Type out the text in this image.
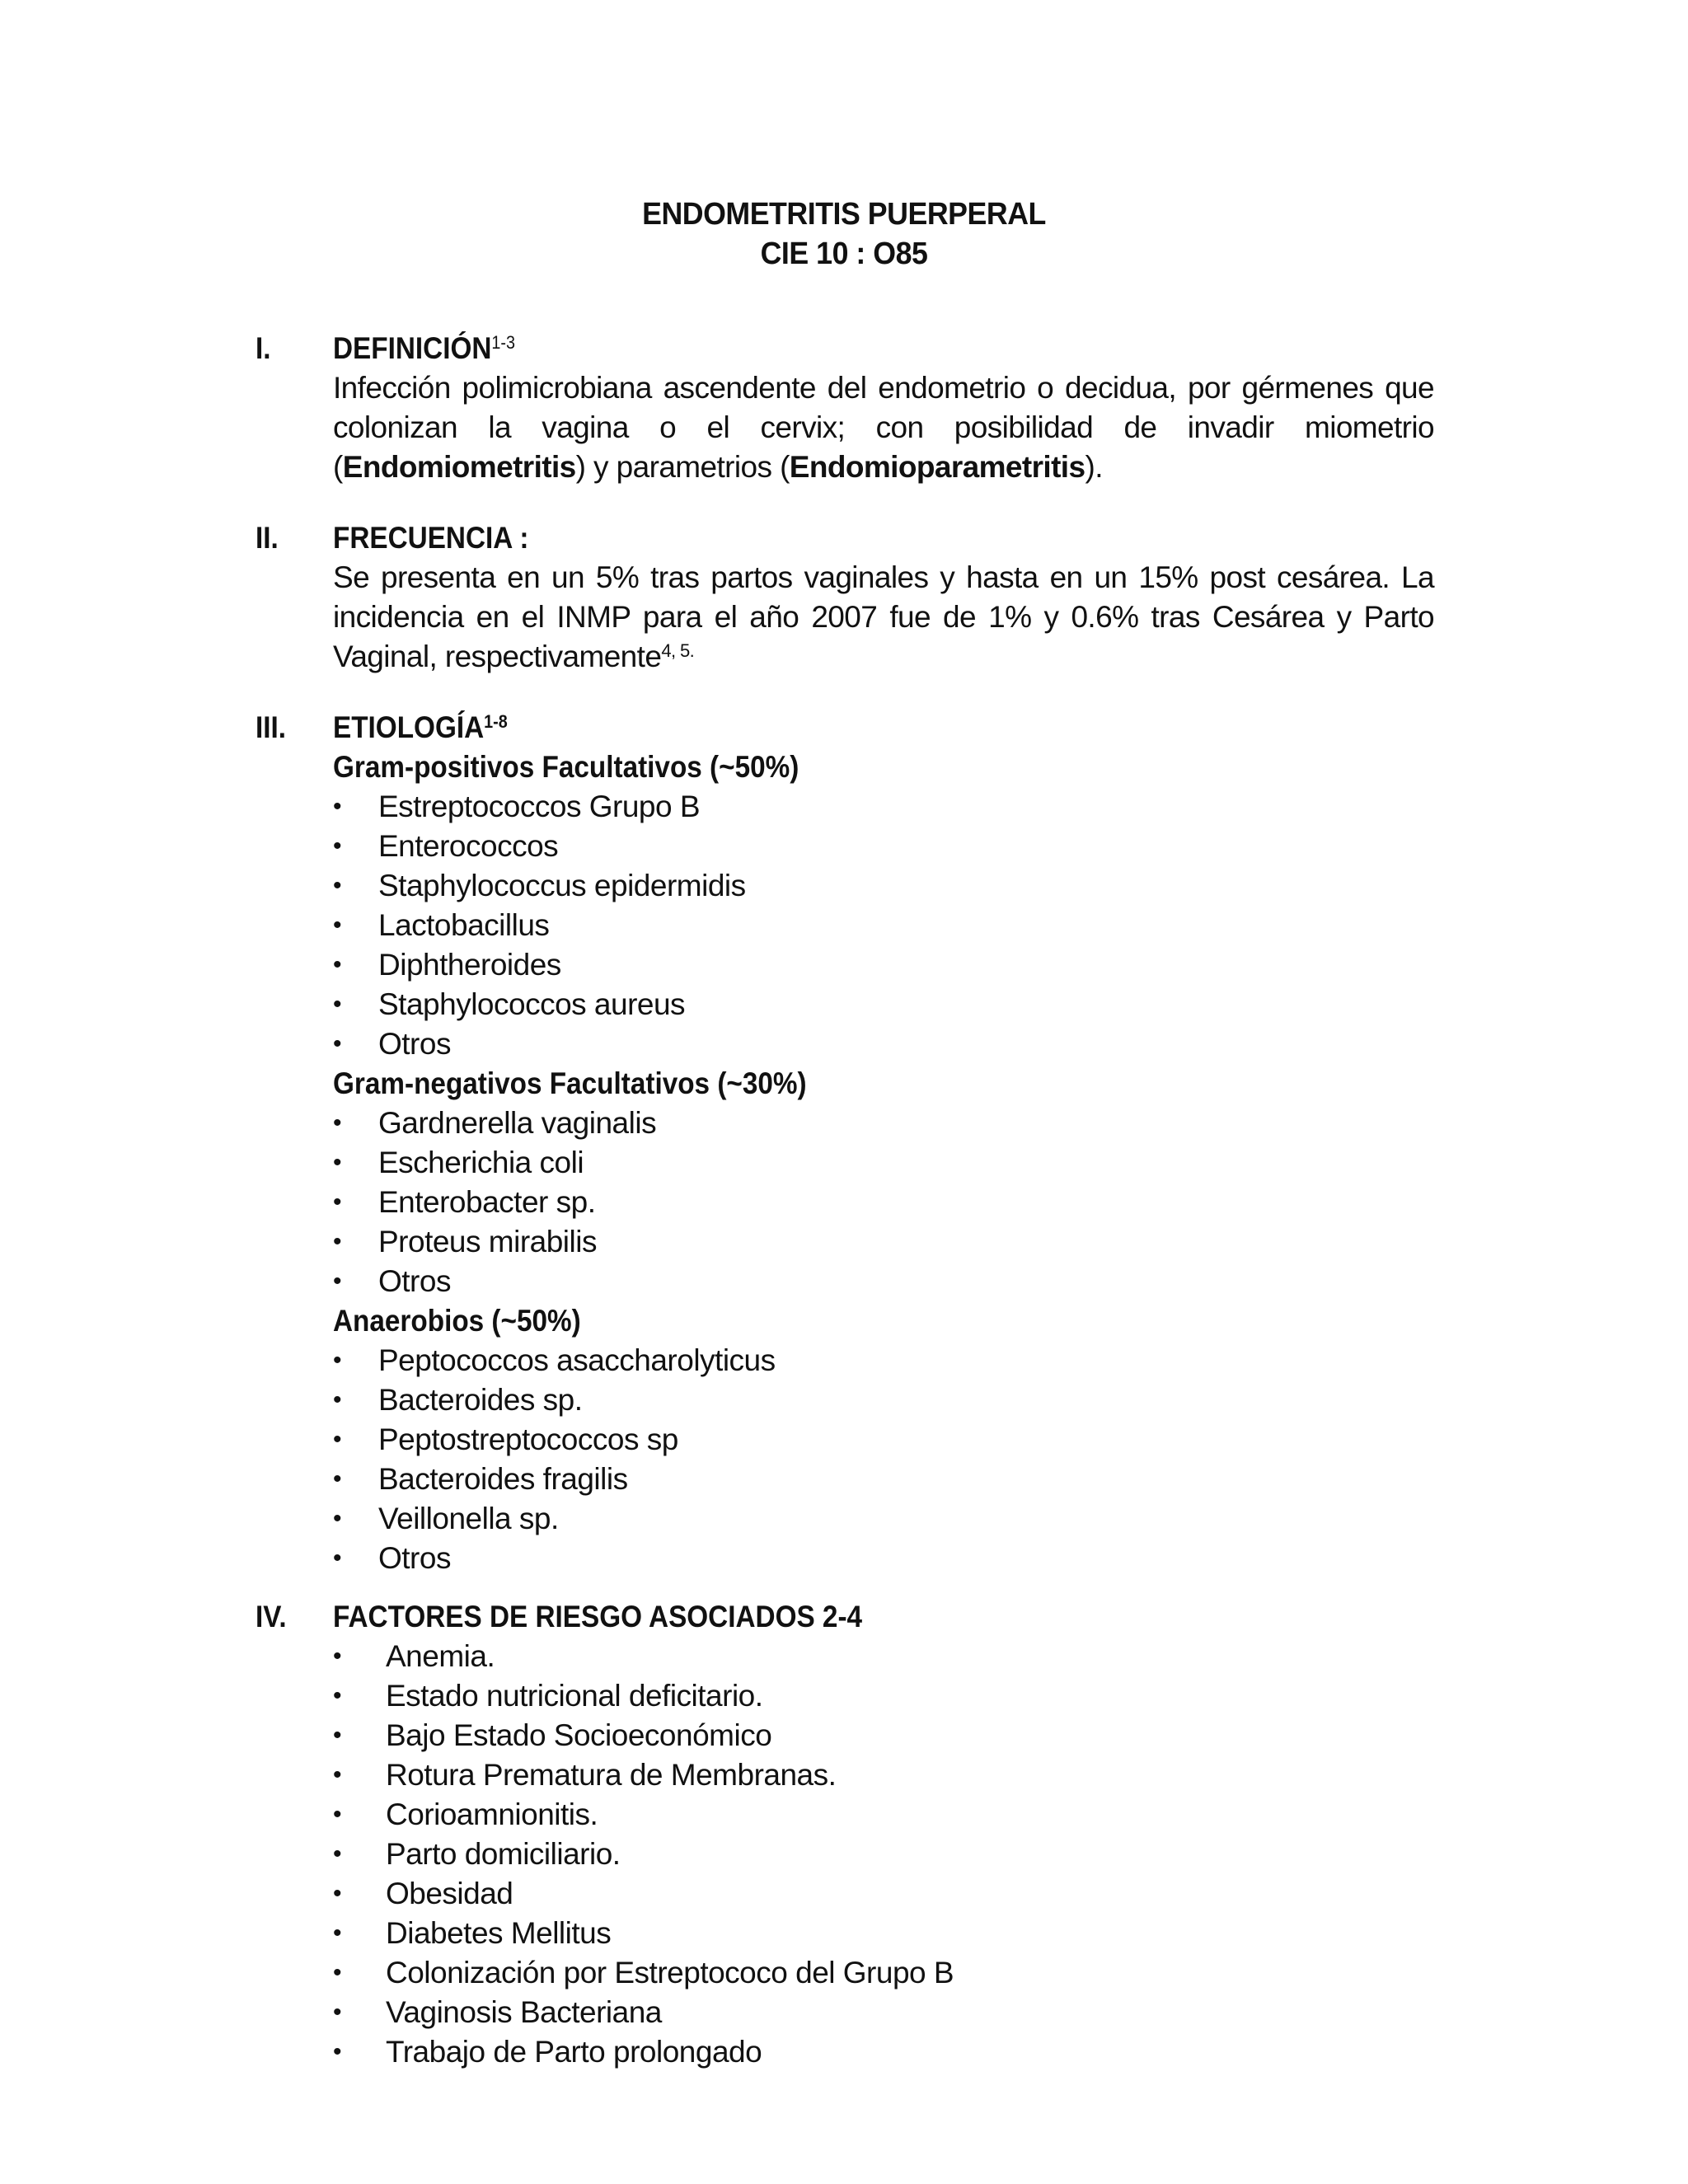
ENDOMETRITIS PUERPERAL
CIE 10 : O85
I. DEFINICIÓN$^{1-3}$

Infección polimicrobiana ascendente del endometrio o decidua, por gérmenes que colonizan la vagina o el cervix; con posibilidad de invadir miometrio (Endomiometritis) y parametrios (Endomioparametritis).

II. FRECUENCIA :

Se presenta en un 5% tras partos vaginales y hasta en un 15% post cesárea. La incidencia en el INMP para el año 2007 fue de 1% y 0.6% tras Cesárea y Parto Vaginal, respectivamente$^{4, 5.}$

III. ETIOLOGÍA$^{1-8}$
Gram-positivos Facultativos (~50%)
• Estreptococcos Grupo B
• Enterococcos
• Staphylococcus epidermidis
• Lactobacillus
• Diphtheroides
• Staphylococcos aureus
• Otros
Gram-negativos Facultativos (~30%)
• Gardnerella vaginalis
• Escherichia coli
• Enterobacter sp.
• Proteus mirabilis
• Otros
Anaerobios (~50%)
• Peptococcos asaccharolyticus
• Bacteroides sp.
• Peptostreptococcos sp
• Bacteroides fragilis
• Veillonella sp.
• Otros
IV. FACTORES DE RIESGO ASOCIADOS 2-4
• Anemia.
• Estado nutricional deficitario.
• Bajo Estado Socioeconómico
• Rotura Prematura de Membranas.
• Corioamnionitis.
• Parto domiciliario.
• Obesidad
• Diabetes Mellitus
• Colonización por Estreptococo del Grupo B
• Vaginosis Bacteriana
• Trabajo de Parto prolongado
